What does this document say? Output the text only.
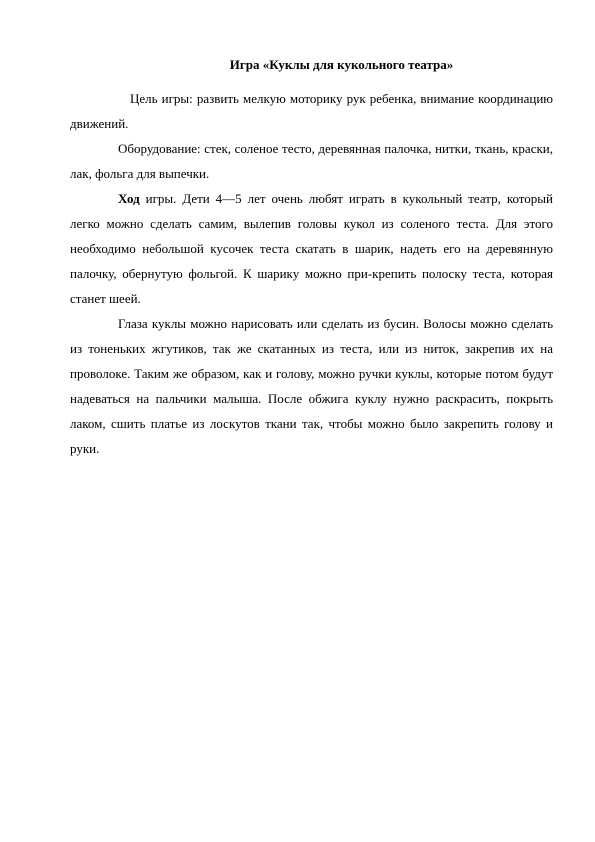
Игра «Куклы для кукольного театра»

Цель игры: развить мелкую моторику рук ребенка, внимание координацию движений.

Оборудование: стек, соленое тесто, деревянная палочка, нитки, ткань, краски, лак, фольга для выпечки.

Ход игры. Дети 4—5 лет очень любят играть в кукольный театр, который легко можно сделать самим, вылепив головы кукол из соленого теста. Для этого необходимо небольшой кусочек теста скатать в шарик, надеть его на деревянную палочку, обернутую фольгой. К шарику можно при-крепить полоску теста, которая станет шеей.

Глаза куклы можно нарисовать или сделать из бусин. Волосы можно сделать из тоненьких жгутиков, так же скатанных из теста, или из ниток, закрепив их на проволоке. Таким же образом, как и голову, можно ручки куклы, которые потом будут надеваться на пальчики малыша. После обжига куклу нужно раскрасить, покрыть лаком, сшить платье из лоскутов ткани так, чтобы можно было закрепить голову и руки.
